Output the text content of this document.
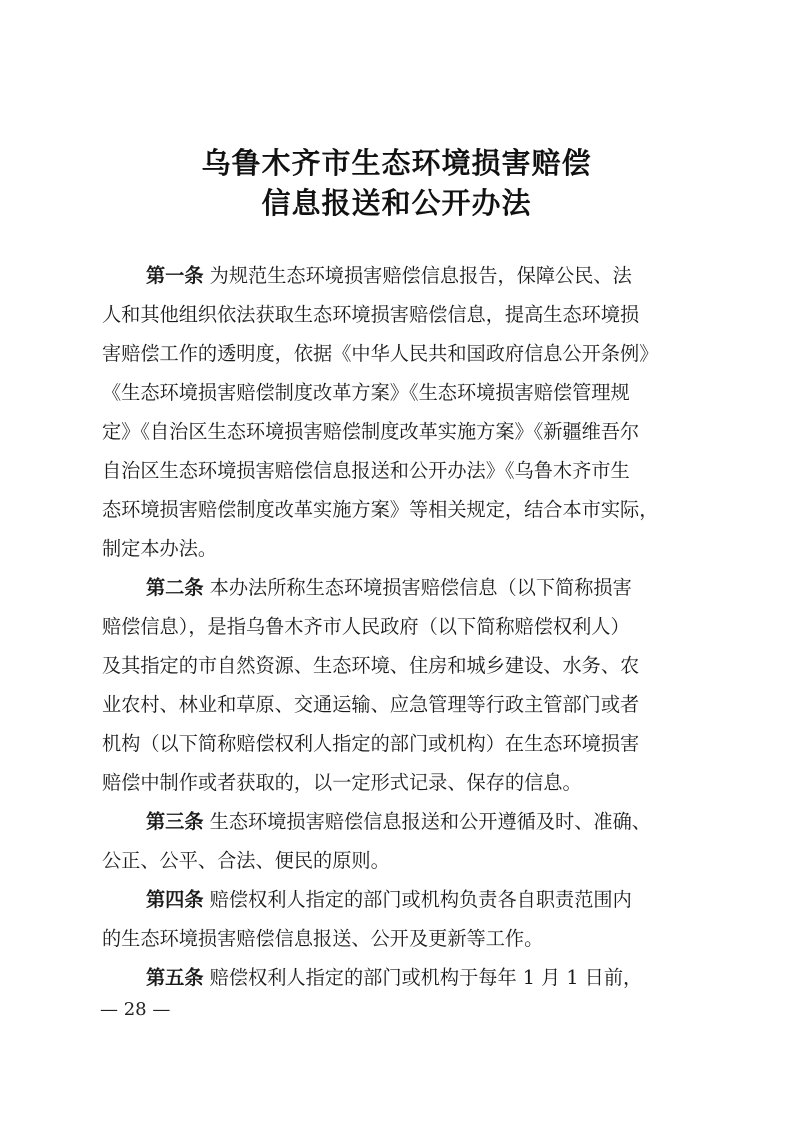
乌鲁木齐市生态环境损害赔偿
信息报送和公开办法
第一条 为规范生态环境损害赔偿信息报告，保障公民、法
人和其他组织依法获取生态环境损害赔偿信息，提高生态环境损
害赔偿工作的透明度，依据《中华人民共和国政府信息公开条例》
《生态环境损害赔偿制度改革方案》《生态环境损害赔偿管理规
定》《自治区生态环境损害赔偿制度改革实施方案》《新疆维吾尔
自治区生态环境损害赔偿信息报送和公开办法》《乌鲁木齐市生
态环境损害赔偿制度改革实施方案》等相关规定，结合本市实际，
制定本办法。
第二条 本办法所称生态环境损害赔偿信息（以下简称损害
赔偿信息），是指乌鲁木齐市人民政府（以下简称赔偿权利人）
及其指定的市自然资源、生态环境、住房和城乡建设、水务、农
业农村、林业和草原、交通运输、应急管理等行政主管部门或者
机构（以下简称赔偿权利人指定的部门或机构）在生态环境损害
赔偿中制作或者获取的，以一定形式记录、保存的信息。
第三条 生态环境损害赔偿信息报送和公开遵循及时、准确、
公正、公平、合法、便民的原则。
第四条 赔偿权利人指定的部门或机构负责各自职责范围内
的生态环境损害赔偿信息报送、公开及更新等工作。
第五条 赔偿权利人指定的部门或机构于每年 1 月 1 日前，
— 28 —
